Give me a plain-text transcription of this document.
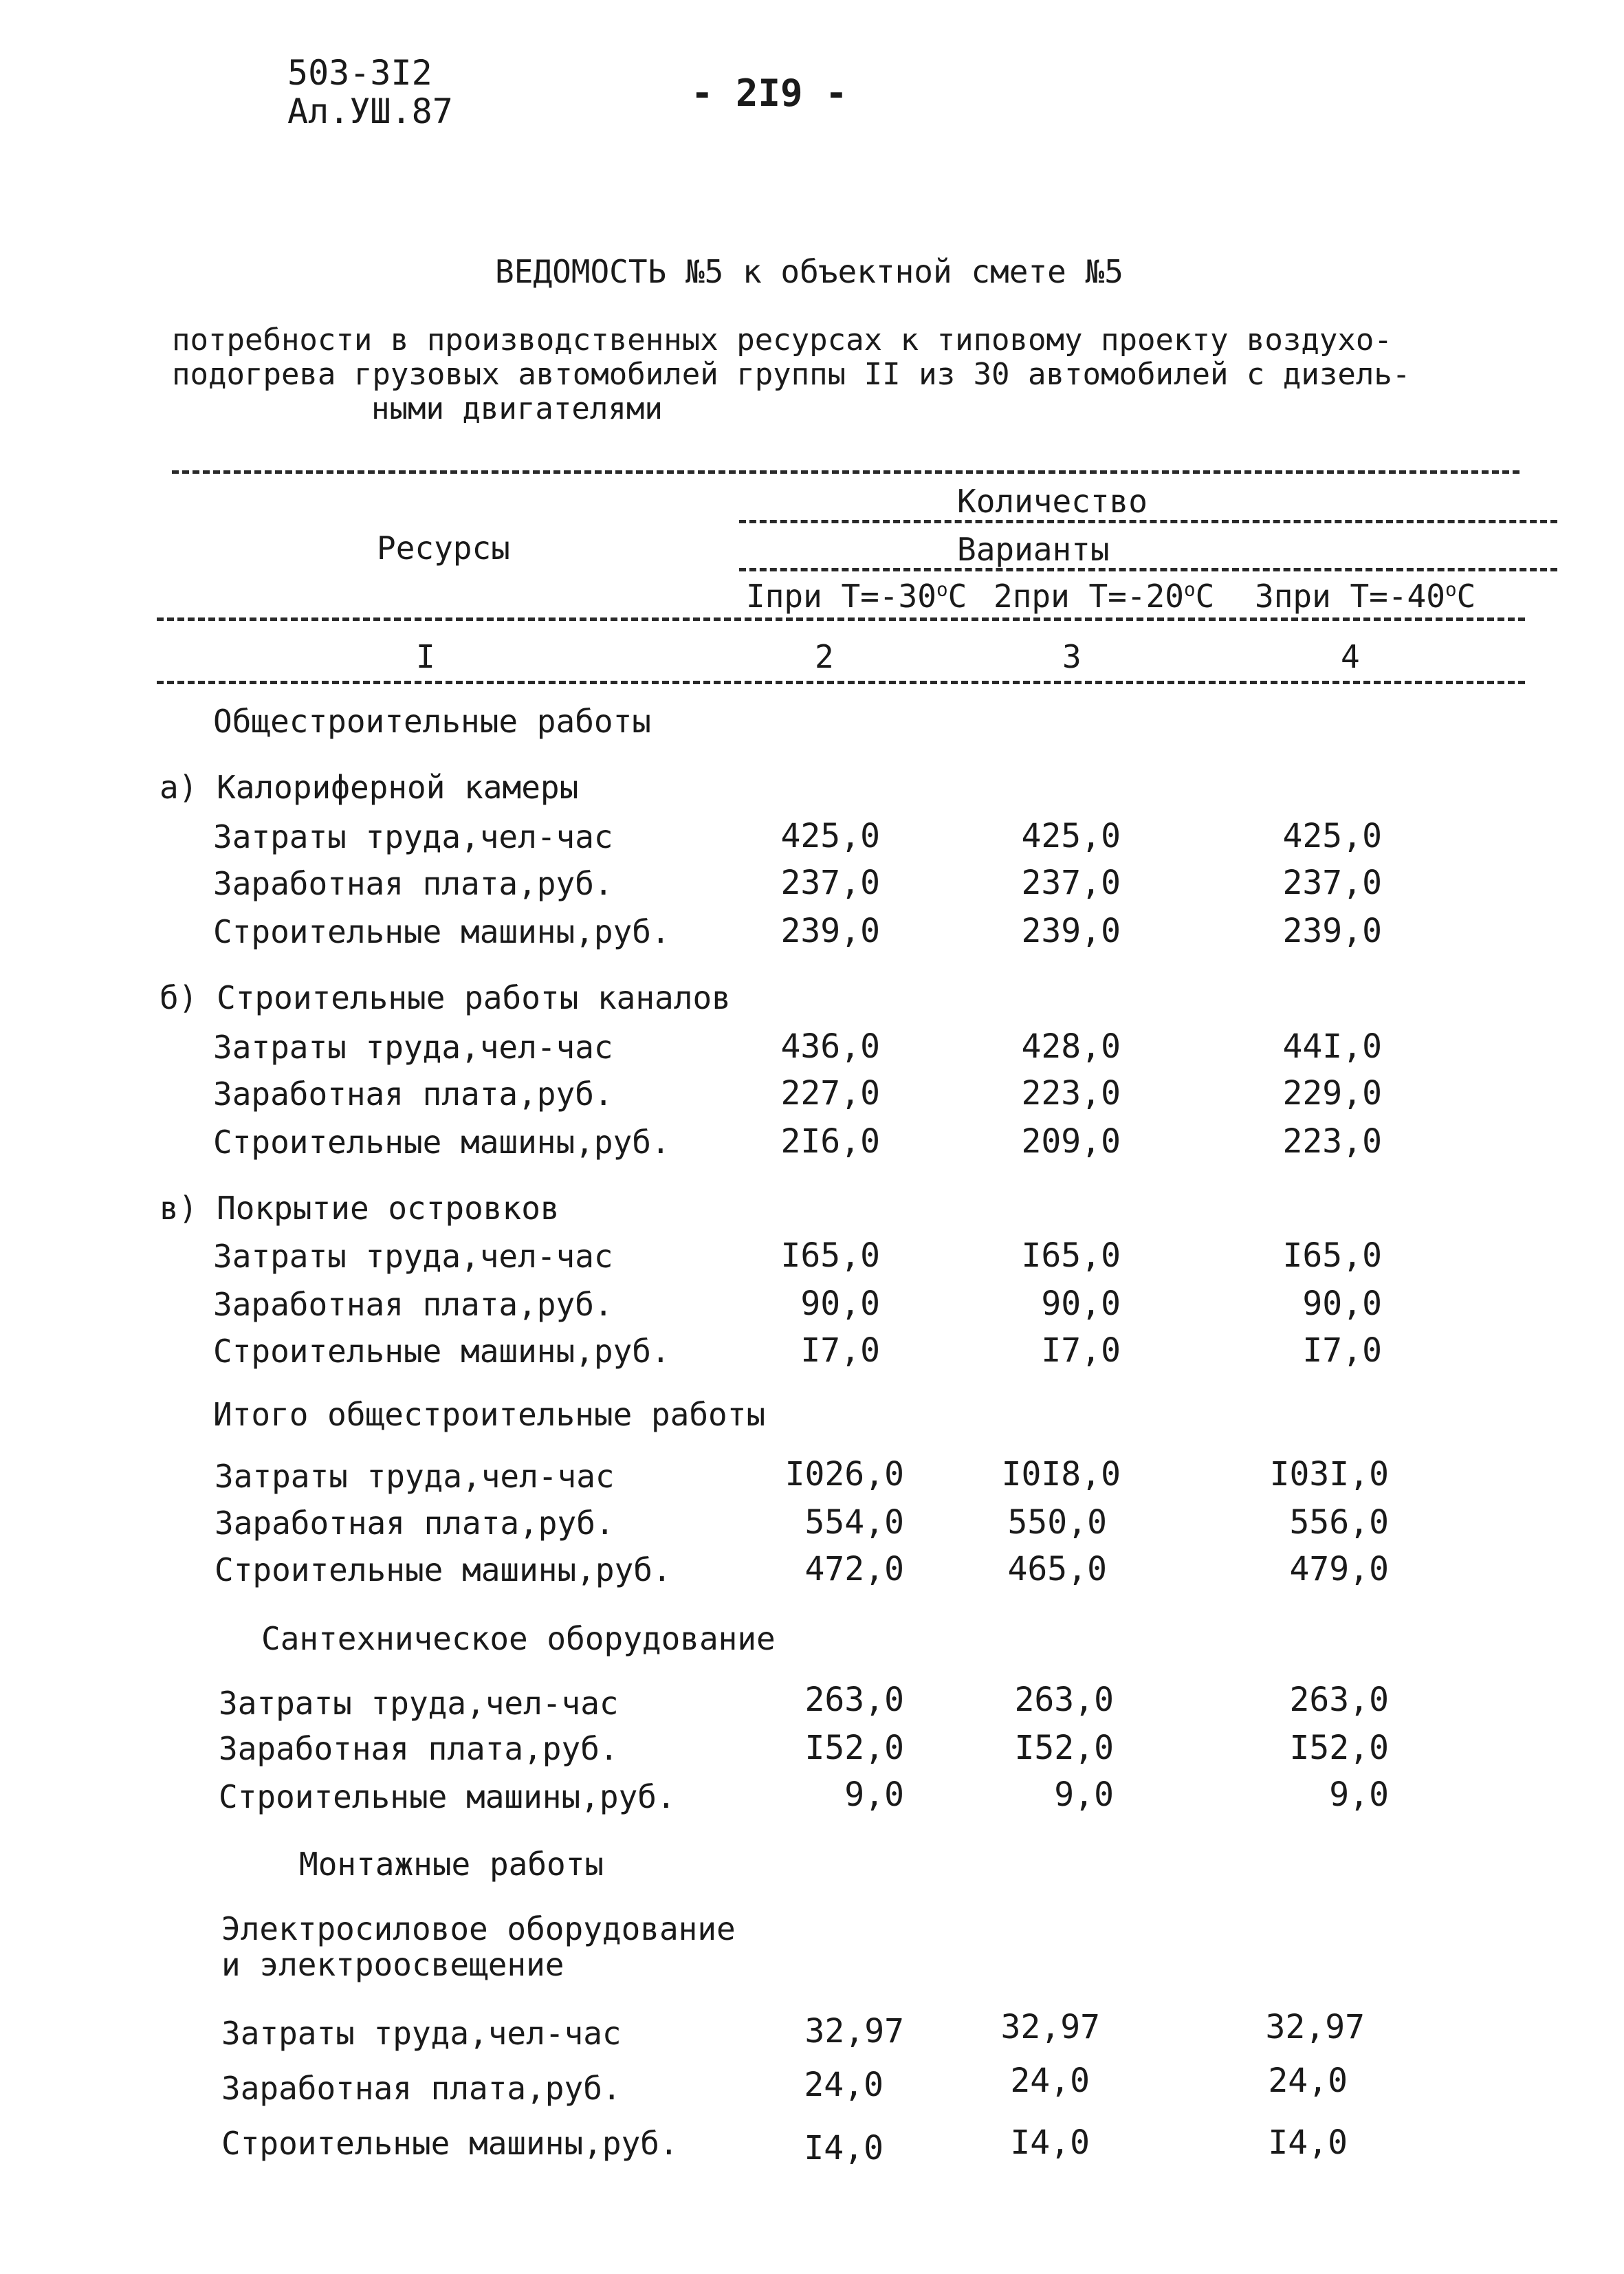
503-3I2
Ал.УШ.87	- 2I9 -
ВЕДОМОСТЬ №5 к объектной смете №5
потребности в производственных ресурсах к типовому проекту воздухо-
подогрева грузовых автомобилей группы II из 30 автомобилей с дизель-
ными двигателями
Количество
Ресурсы	Варианты
Iпри $T=-30^oC$ 2при $T=-20^oC$ 3при $T=-40^oC$
I	2	3	4
Общестроительные работы
а) Калориферной камеры
Затраты труда,чел-час	425,0	425,0	425,0
Заработная плата,руб.	237,0	237,0	237,0
Строительные машины,руб.	239,0	239,0	239,0
б) Строительные работы каналов
Затраты труда,чел-час	436,0	428,0	44I,0
Заработная плата,руб.	227,0	223,0	229,0
Строительные машины,руб.	2I6,0	209,0	223,0
в) Покрытие островков
Затраты труда,чел-час	I65,0	I65,0	I65,0
Заработная плата,руб.	90,0	90,0	90,0
Строительные машины,руб.	I7,0	I7,0	I7,0
Итого общестроительные работы
Затраты труда,чел-час	I026,0	I0I8,0	I03I,0
Заработная плата,руб.	554,0	550,0	556,0
Строительные машины,руб.	472,0	465,0	479,0
Сантехническое оборудование
Затраты труда,чел-час	263,0	263,0	263,0
Заработная плата,руб.	I52,0	I52,0	I52,0
Строительные машины,руб.	9,0	9,0	9,0
Монтажные работы
Электросиловое оборудование
и электроосвещение
Затраты труда,чел-час	32,97	32,97	32,97
Заработная плата,руб.	24,0	24,0	24,0
Строительные машины,руб.	I4,0	I4,0	I4,0
